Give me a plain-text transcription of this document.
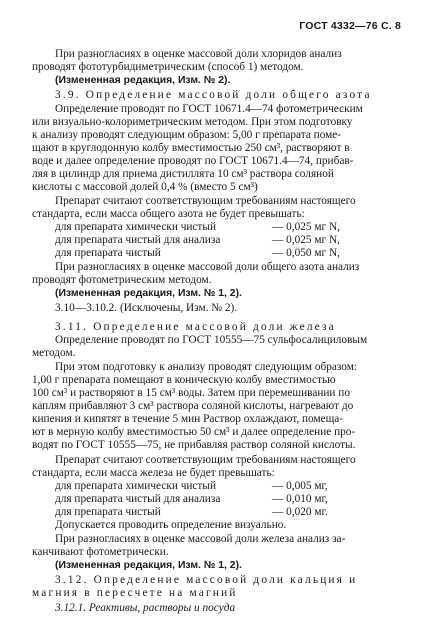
ГОСТ 4332—76 С. 8
При разногласиях в оценке массовой доли хлоридов анализ
проводят фототурбидиметрическим (способ 1) методом.
(Измененная редакция, Изм. № 2).
3.9. Определение массовой доли общего азота
Определение проводят по ГОСТ 10671.4—74 фотометрическим
или визуально-колориметрическим методом. При этом подготовку
к анализу проводят следующим образом: 5,00 г препарата поме-
щают в круглодонную колбу вместимостью 250 см³, растворяют в
воде и далее определение проводят по ГОСТ 10671.4—74, прибав-
ляя в цилиндр для приема дистиллята 10 см³ раствора соляной
кислоты с массовой долей 0,4 % (вместо 5 см³)
Препарат считают соответствующим требованиям настоящего
стандарта, если масса общего азота не будет превышать:
для препарата химически чистый	— 0,025 мг N,
для препарата чистый для анализа	— 0,025 мг N,
для препарата чистый	— 0,050 мг N,
При разногласиях в оценке массовой доли общего азота анализ
проводят фотометрическим методом.
(Измененная редакция, Изм. № 1, 2).
3.10—3.10.2. (Исключены, Изм. № 2).
3.11. Определение массовой доли железа
Определение проводят по ГОСТ 10555—75 сульфосалициловым
методом.
При этом подготовку к анализу проводят следующим образом:
1,00 г препарата помещают в коническую колбу вместимостью
100 см³ и растворяют в 15 см³ воды. Затем при перемешивании по
каплям прибавляют 3 см³ раствора соляной кислоты, нагревают до
кипения и кипятят в течение 5 мин Раствор охлаждают, помеща-
ют в мерную колбу вместимостью 50 см³ и далее определение про-
водят по ГОСТ 10555—75, не прибавляя раствор соляной кислоты.
Препарат считают соответствующим требованиям настоящего
стандарта, если масса железа не будет превышать:
для препарата химически чистый	— 0,005 мг,
для препарата чистый для анализа	— 0,010 мг,
для препарата чистый	— 0,020 мг.
Допускается проводить определение визуально.
При разногласиях в оценке массовой доли железа анализ за-
канчивают фотометрически.
(Измененная редакция, Изм. № 1, 2).
3.12. Определение массовой доли кальция и
магния в пересчете на магний
3.12.1. Реактивы, растворы и посуда
